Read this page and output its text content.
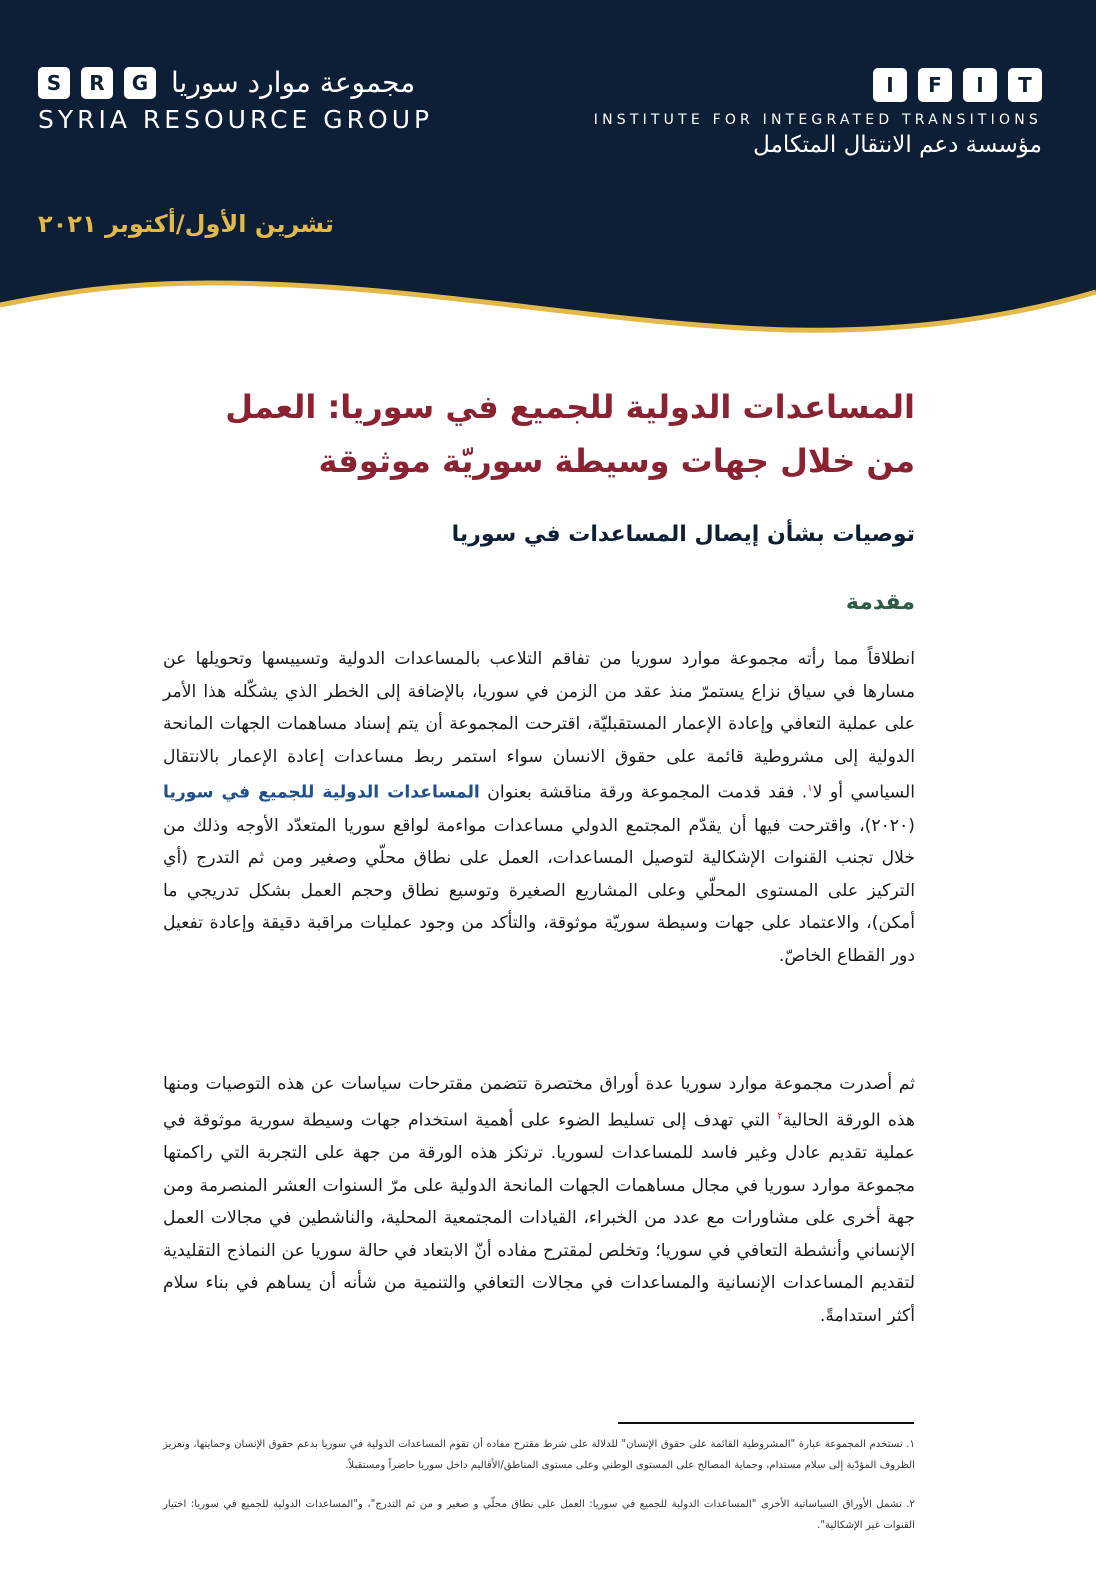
S	R	G مجموعة موارد سوريا
SYRIA RESOURCE GROUP
I	F	I	T
INSTITUTE FOR INTEGRATED TRANSITIONS
مؤسسة دعم الانتقال المتكامل
تشرين الأول/أكتوبر ٢٠٢١
المساعدات الدولية للجميع في سوريا: العمل
من خلال جهات وسيطة سوريّة موثوقة
توصيات بشأن إيصال المساعدات في سوريا
مقدمة
انطلاقاً مما رأته مجموعة موارد سوريا من تفاقم التلاعب بالمساعدات الدولية وتسييسها وتحويلها عن مسارها في سياق نزاع يستمرّ منذ عقد من الزمن في سوريا، بالإضافة إلى الخطر الذي يشكّله هذا الأمر على عملية التعافي وإعادة الإعمار المستقبليّة، اقترحت المجموعة أن يتم إسناد مساهمات الجهات المانحة الدولية إلى مشروطية قائمة على حقوق الانسان سواء استمر ربط مساعدات إعادة الإعمار بالانتقال السياسي أو لا$^١$. فقد قدمت المجموعة ورقة مناقشة بعنوان المساعدات الدولية للجميع في سوريا (٢٠٢٠)، واقترحت فيها أن يقدّم المجتمع الدولي مساعدات مواءمة لواقع سوريا المتعدّد الأوجه وذلك من خلال تجنب القنوات الإشكالية لتوصيل المساعدات، العمل على نطاق محلّي وصغير ومن ثم التدرج (أي التركيز على المستوى المحلّي وعلى المشاريع الصغيرة وتوسيع نطاق وحجم العمل بشكل تدريجي ما أمكن)، والاعتماد على جهات وسيطة سوريّة موثوقة، والتأكد من وجود عمليات مراقبة دقيقة وإعادة تفعيل دور القطاع الخاصّ.
ثم أصدرت مجموعة موارد سوريا عدة أوراق مختصرة تتضمن مقترحات سياسات عن هذه التوصيات ومنها هذه الورقة الحالية$^٢$ التي تهدف إلى تسليط الضوء على أهمية استخدام جهات وسيطة سورية موثوقة في عملية تقديم عادل وغير فاسد للمساعدات لسوريا. ترتكز هذه الورقة من جهة على التجربة التي راكمتها مجموعة موارد سوريا في مجال مساهمات الجهات المانحة الدولية على مرّ السنوات العشر المنصرمة ومن جهة أخرى على مشاورات مع عدد من الخبراء، القيادات المجتمعية المحلية، والناشطين في مجالات العمل الإنساني وأنشطة التعافي في سوريا؛ وتخلص لمقترح مفاده أنّ الابتعاد في حالة سوريا عن النماذج التقليدية لتقديم المساعدات الإنسانية والمساعدات في مجالات التعافي والتنمية من شأنه أن يساهم في بناء سلام أكثر استدامةً.
١. تستخدم المجموعة عبارة "المشروطية القائمة على حقوق الإنسان" للدلالة على شرط مقترح مفاده أن تقوم المساعدات الدولية في سوريا بدعم حقوق الإنسان وحمايتها، وتعزيز الظروف المؤدّية إلى سلام مستدام، وحماية المصالح على المستوى الوطني وعلى مستوى المناطق/الأقاليم داخل سوريا حاضراً ومستقبلاً.
٢. تشمل الأوراق السياساتية الأخرى "المساعدات الدولية للجميع في سوريا: العمل على نطاق محلّي و صغير و من ثم التدرج"، و"المساعدات الدولية للجميع في سوريا: اختيار القنوات غير الإشكالية".
